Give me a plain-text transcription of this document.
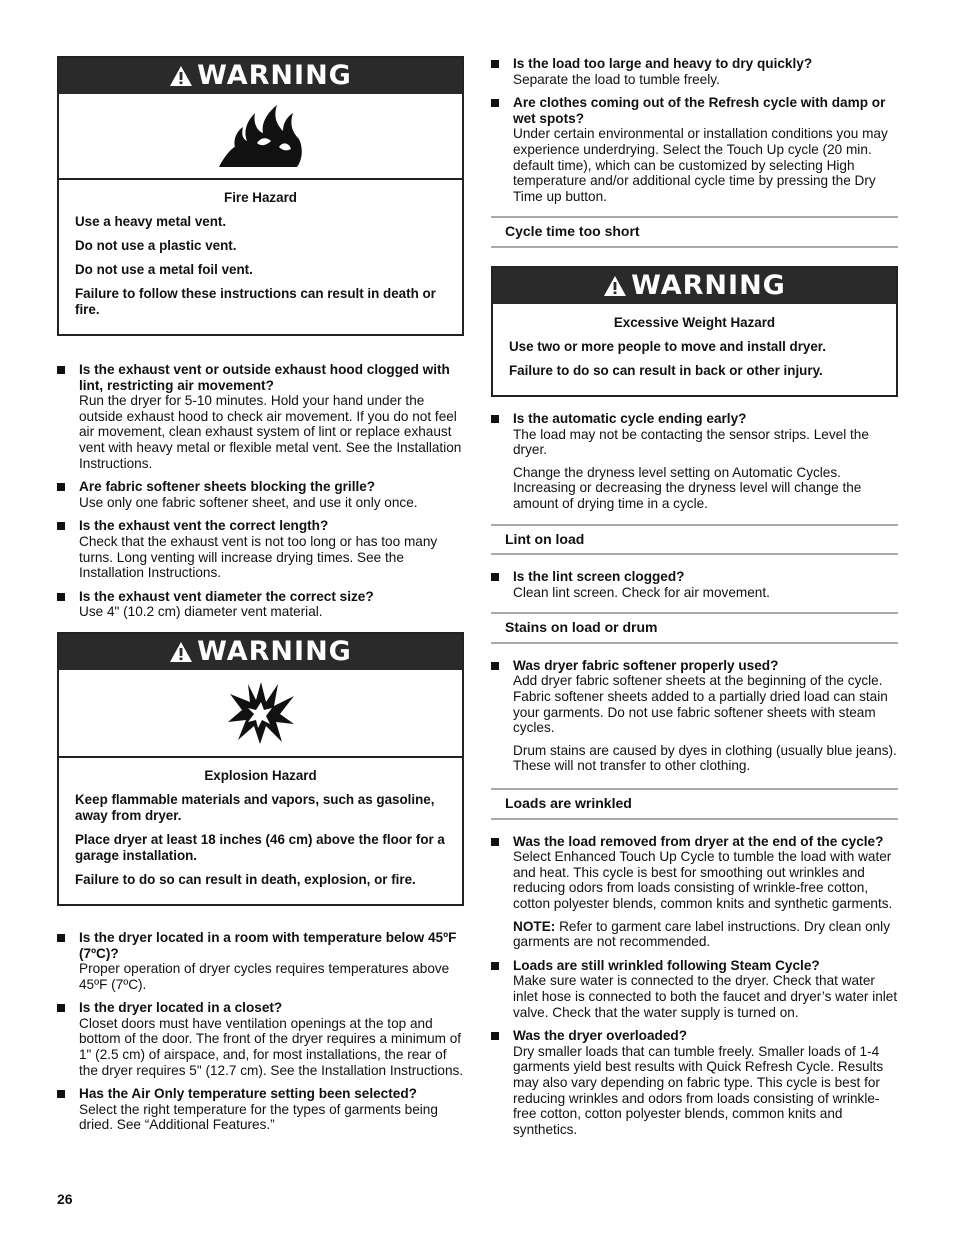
WARNING

Fire Hazard

Use a heavy metal vent.

Do not use a plastic vent.

Do not use a metal foil vent.

Failure to follow these instructions can result in death or fire.

Is the exhaust vent or outside exhaust hood clogged with lint, restricting air movement?
Run the dryer for 5-10 minutes. Hold your hand under the outside exhaust hood to check air movement. If you do not feel air movement, clean exhaust system of lint or replace exhaust vent with heavy metal or flexible metal vent. See the Installation Instructions.
Are fabric softener sheets blocking the grille?
Use only one fabric softener sheet, and use it only once.
Is the exhaust vent the correct length?
Check that the exhaust vent is not too long or has too many turns. Long venting will increase drying times. See the Installation Instructions.
Is the exhaust vent diameter the correct size?
Use 4" (10.2 cm) diameter vent material.
WARNING

Explosion Hazard

Keep flammable materials and vapors, such as gasoline, away from dryer.

Place dryer at least 18 inches (46 cm) above the floor for a garage installation.

Failure to do so can result in death, explosion, or fire.

Is the dryer located in a room with temperature below 45ºF (7ºC)?
Proper operation of dryer cycles requires temperatures above 45ºF (7ºC).
Is the dryer located in a closet?
Closet doors must have ventilation openings at the top and bottom of the door. The front of the dryer requires a minimum of 1" (2.5 cm) of airspace, and, for most installations, the rear of the dryer requires 5" (12.7 cm). See the Installation Instructions.
Has the Air Only temperature setting been selected?
Select the right temperature for the types of garments being dried. See “Additional Features.”
Is the load too large and heavy to dry quickly?
Separate the load to tumble freely.
Are clothes coming out of the Refresh cycle with damp or wet spots?
Under certain environmental or installation conditions you may experience underdrying. Select the Touch Up cycle (20 min. default time), which can be customized by selecting High temperature and/or additional cycle time by pressing the Dry Time up button.
Cycle time too short
WARNING

Excessive Weight Hazard

Use two or more people to move and install dryer.

Failure to do so can result in back or other injury.

Is the automatic cycle ending early?
The load may not be contacting the sensor strips. Level the dryer.
Change the dryness level setting on Automatic Cycles. Increasing or decreasing the dryness level will change the amount of drying time in a cycle.
Lint on load
Is the lint screen clogged?
Clean lint screen. Check for air movement.
Stains on load or drum
Was dryer fabric softener properly used?
Add dryer fabric softener sheets at the beginning of the cycle. Fabric softener sheets added to a partially dried load can stain your garments. Do not use fabric softener sheets with steam cycles.
Drum stains are caused by dyes in clothing (usually blue jeans). These will not transfer to other clothing.
Loads are wrinkled
Was the load removed from dryer at the end of the cycle?
Select Enhanced Touch Up Cycle to tumble the load with water and heat. This cycle is best for smoothing out wrinkles and reducing odors from loads consisting of wrinkle-free cotton, cotton polyester blends, common knits and synthetic garments.
NOTE: Refer to garment care label instructions. Dry clean only garments are not recommended.
Loads are still wrinkled following Steam Cycle?
Make sure water is connected to the dryer. Check that water inlet hose is connected to both the faucet and dryer’s water inlet valve. Check that the water supply is turned on.
Was the dryer overloaded?
Dry smaller loads that can tumble freely. Smaller loads of 1-4 garments yield best results with Quick Refresh Cycle. Results may also vary depending on fabric type. This cycle is best for reducing wrinkles and odors from loads consisting of wrinkle-free cotton, cotton polyester blends, common knits and synthetics.
26
